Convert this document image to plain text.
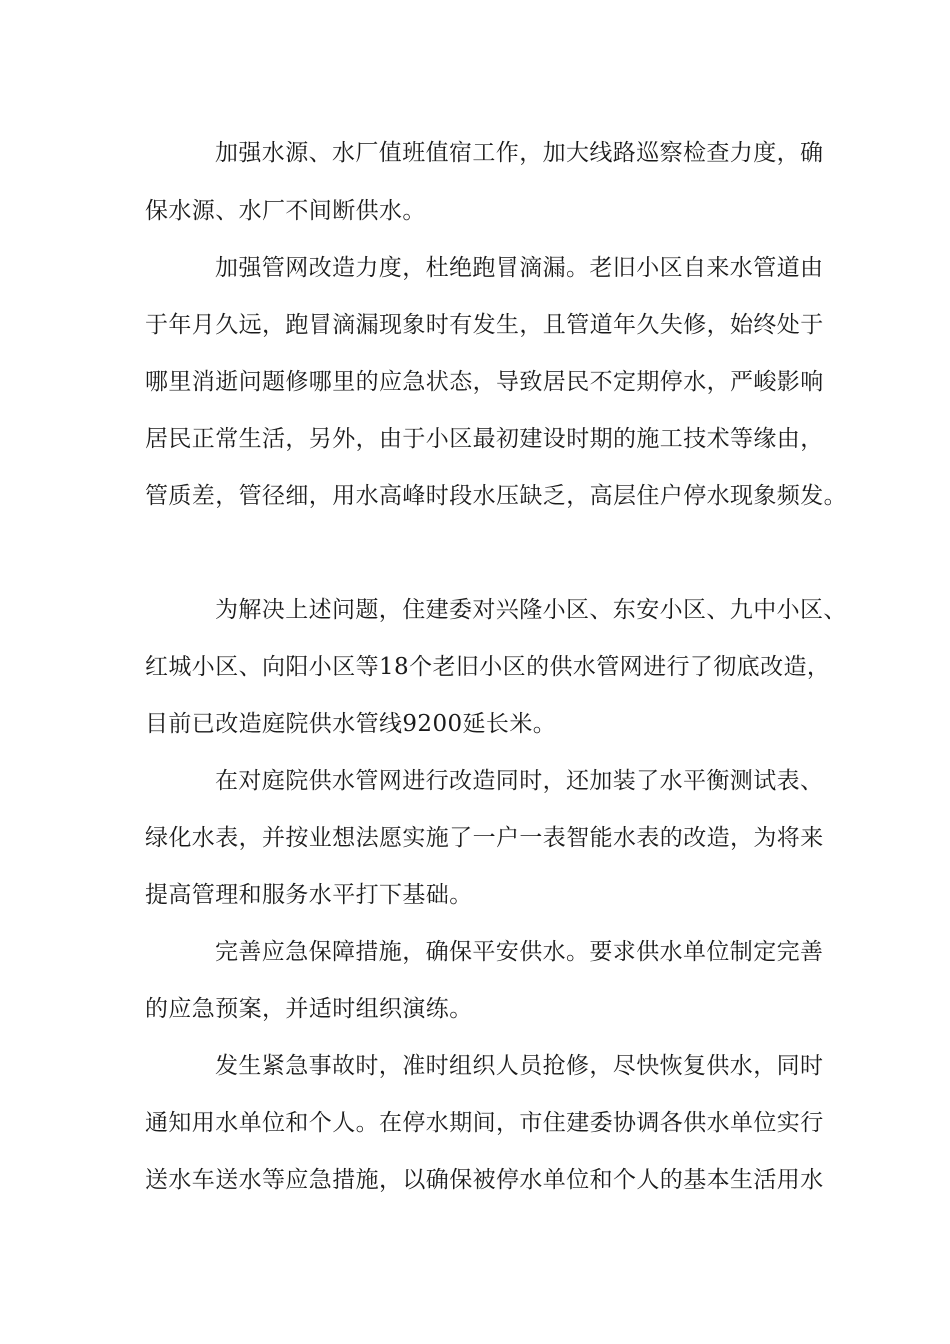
加强水源、水厂值班值宿工作，加大线路巡察检查力度，确
保水源、水厂不间断供水。
加强管网改造力度，杜绝跑冒滴漏。老旧小区自来水管道由
于年月久远，跑冒滴漏现象时有发生，且管道年久失修，始终处于
哪里消逝问题修哪里的应急状态，导致居民不定期停水，严峻影响
居民正常生活，另外，由于小区最初建设时期的施工技术等缘由，
管质差，管径细，用水高峰时段水压缺乏，高层住户停水现象频发。
为解决上述问题，住建委对兴隆小区、东安小区、九中小区、
红城小区、向阳小区等18个老旧小区的供水管网进行了彻底改造，
目前已改造庭院供水管线9200延长米。
在对庭院供水管网进行改造同时，还加装了水平衡测试表、
绿化水表，并按业想法愿实施了一户一表智能水表的改造，为将来
提高管理和服务水平打下基础。
完善应急保障措施，确保平安供水。要求供水单位制定完善
的应急预案，并适时组织演练。
发生紧急事故时，准时组织人员抢修，尽快恢复供水，同时
通知用水单位和个人。在停水期间，市住建委协调各供水单位实行
送水车送水等应急措施，以确保被停水单位和个人的基本生活用水
